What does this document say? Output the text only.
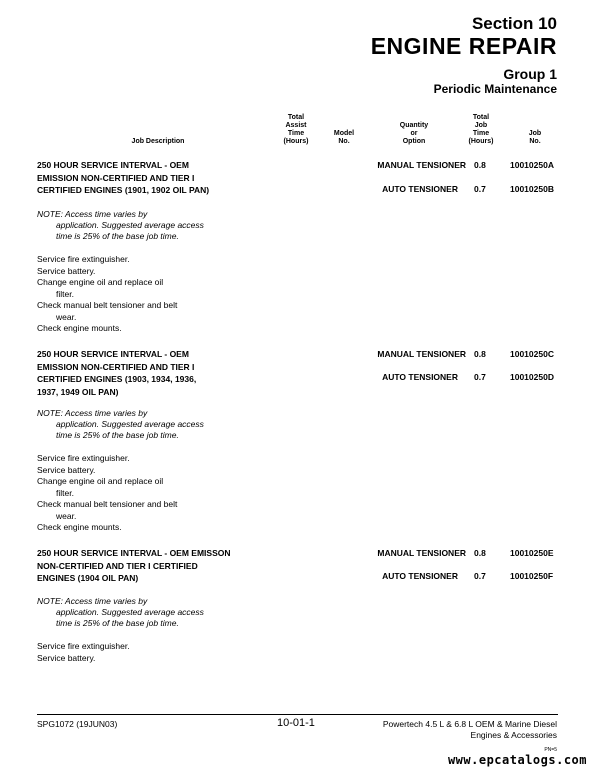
Section 10
ENGINE REPAIR
Group 1
Periodic Maintenance
Job Description
Total
Assist
Time
(Hours)
Model
No.
Quantity
or
Option
Total
Job
Time
(Hours)
Job
No.
250 HOUR SERVICE INTERVAL - OEM
EMISSION NON-CERTIFIED AND TIER I
CERTIFIED ENGINES (1901, 1902 OIL PAN)
MANUAL TENSIONER 0.8	10010250A
AUTO TENSIONER 0.7	10010250B
NOTE: Access time varies by
application. Suggested average access
time is 25% of the base job time.
Service fire extinguisher.
Service battery.
Change engine oil and replace oil
filter.
Check manual belt tensioner and belt
wear.
Check engine mounts.
250 HOUR SERVICE INTERVAL - OEM
EMISSION NON-CERTIFIED AND TIER I
CERTIFIED ENGINES (1903, 1934, 1936,
1937, 1949 OIL PAN)
MANUAL TENSIONER 0.8	10010250C
AUTO TENSIONER 0.7	10010250D
NOTE: Access time varies by
application. Suggested average access
time is 25% of the base job time.
Service fire extinguisher.
Service battery.
Change engine oil and replace oil
filter.
Check manual belt tensioner and belt
wear.
Check engine mounts.
250 HOUR SERVICE INTERVAL - OEM EMISSON
NON-CERTIFIED AND TIER I CERTIFIED
ENGINES (1904 OIL PAN)
MANUAL TENSIONER 0.8	10010250E
AUTO TENSIONER 0.7	10010250F
NOTE: Access time varies by
application. Suggested average access
time is 25% of the base job time.
Service fire extinguisher.
Service battery.
SPG1072 (19JUN03)	10-01-1	Powertech 4.5 L & 6.8 L OEM & Marine Diesel
Engines & Accessories
PN=5
www.epcatalogs.com
